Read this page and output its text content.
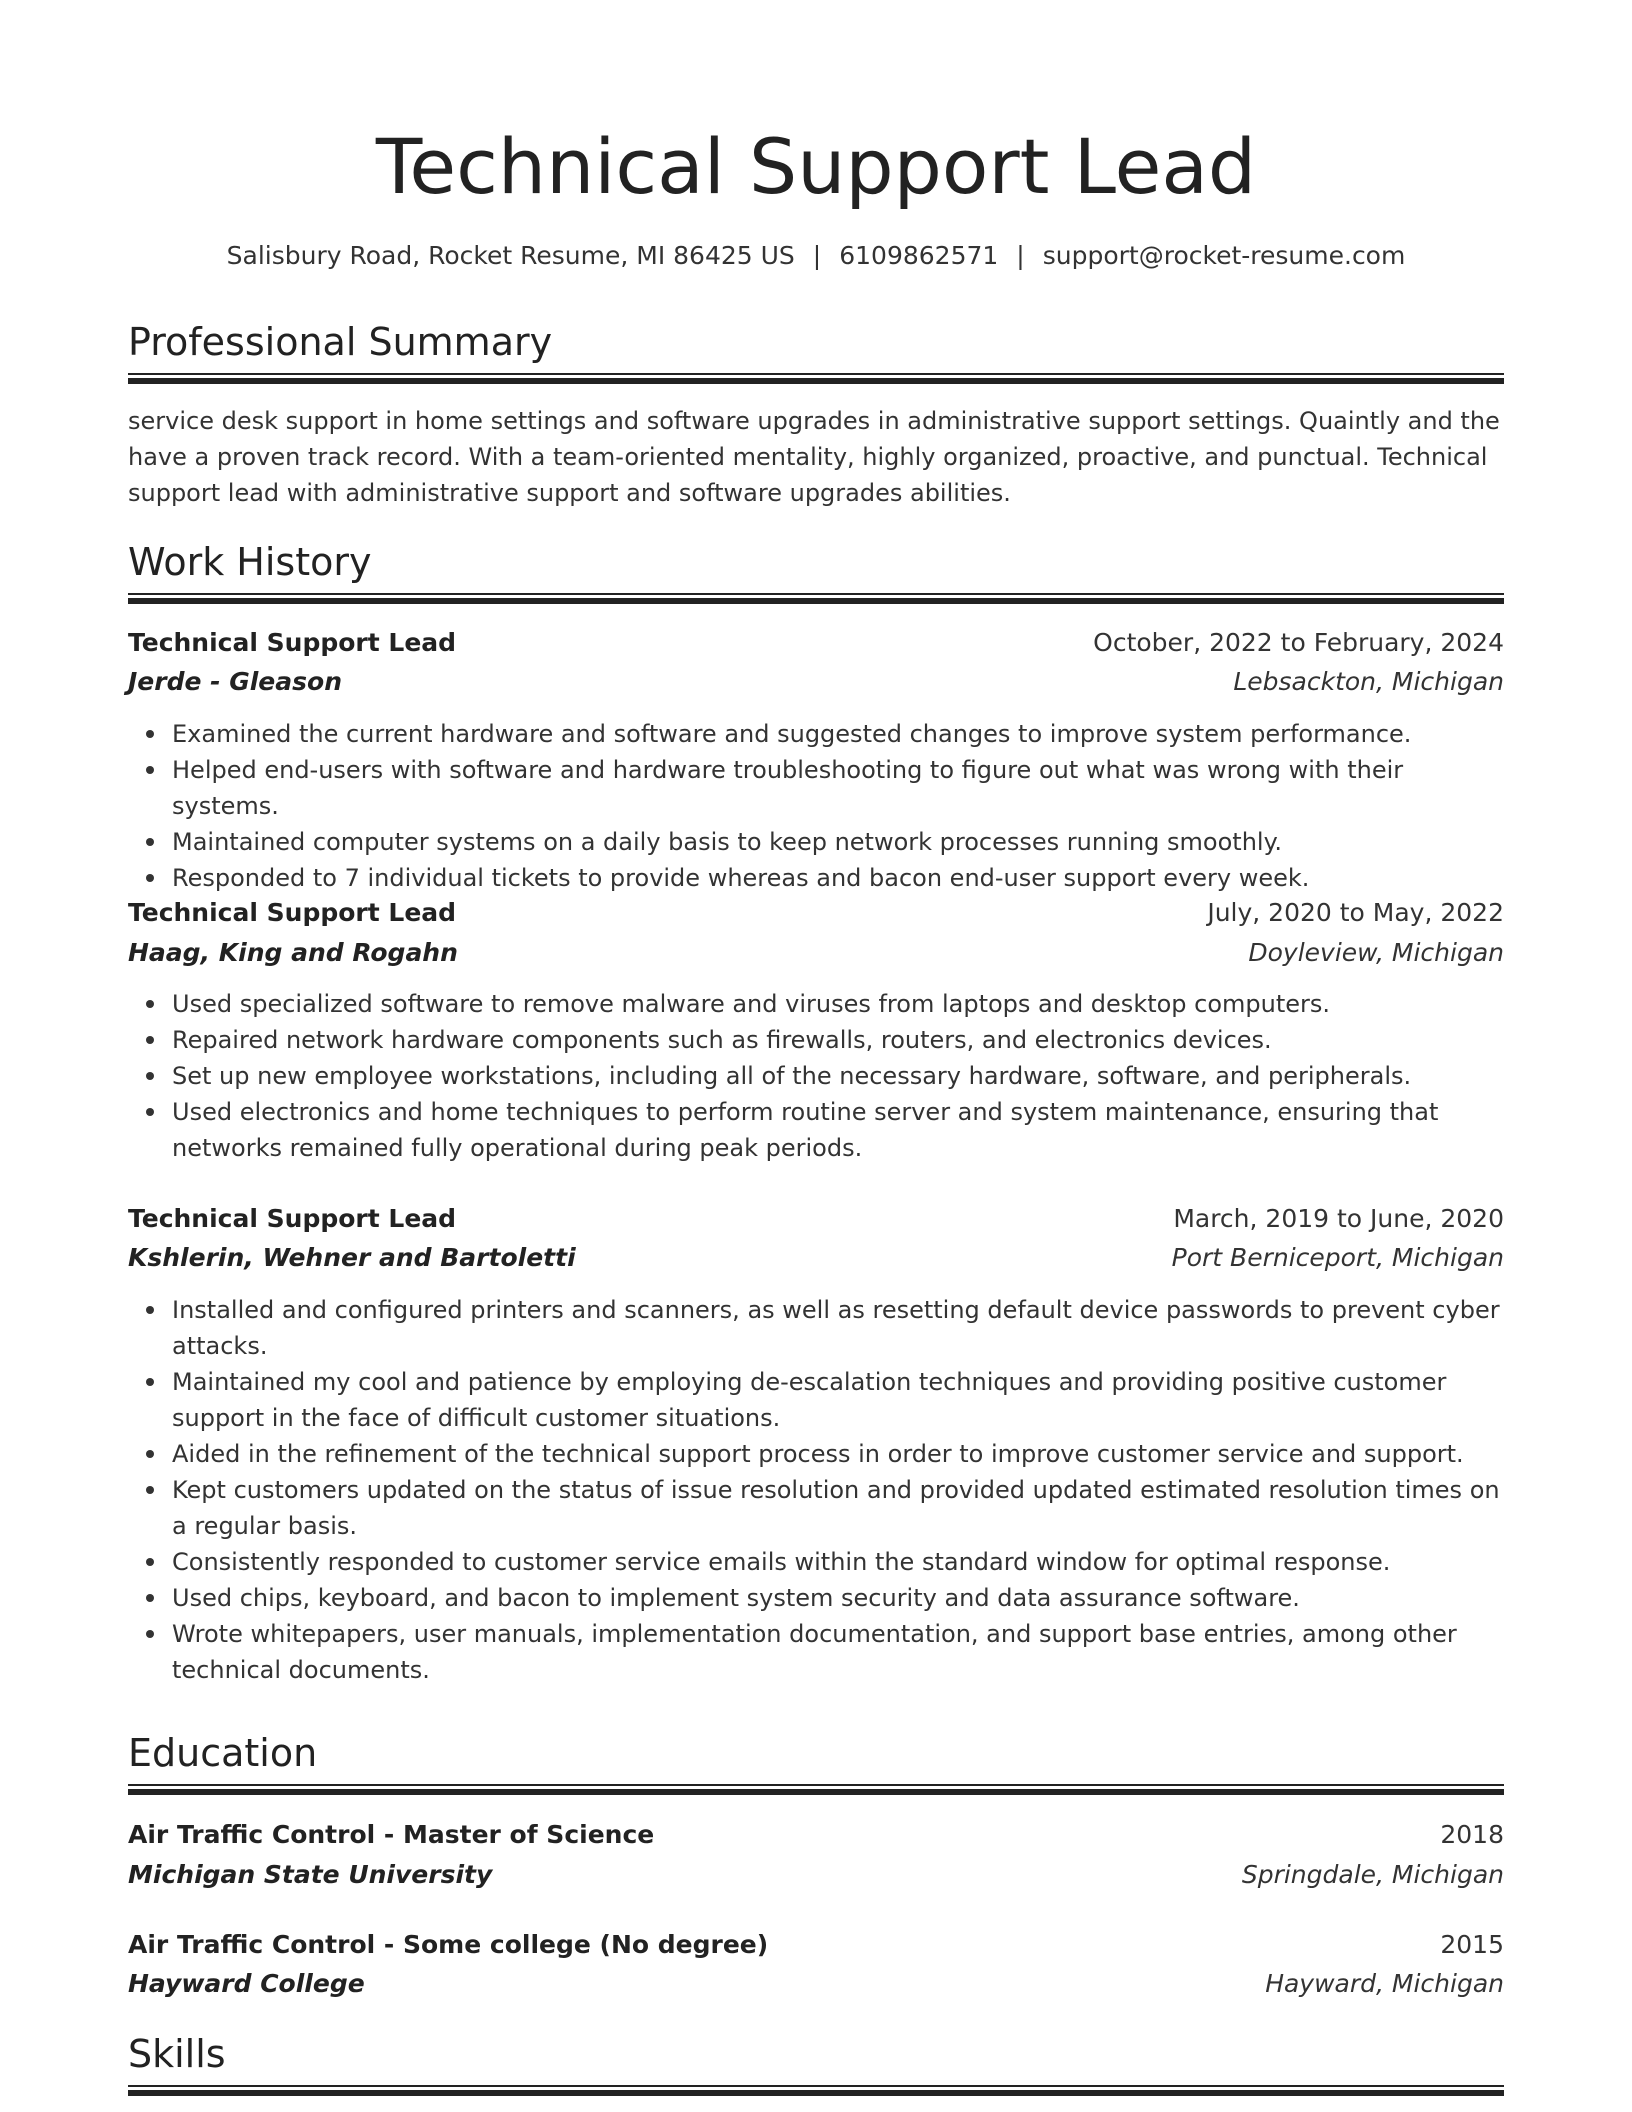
Technical Support Lead
Salisbury Road, Rocket Resume, MI 86425 US | 6109862571 | support@rocket-resume.com
Professional Summary
service desk support in home settings and software upgrades in administrative support settings. Quaintly and the have a proven track record. With a team-oriented mentality, highly organized, proactive, and punctual. Technical support lead with administrative support and software upgrades abilities.
Work History
Technical Support Lead	October, 2022 to February, 2024
Jerde - Gleason	Lebsackton, Michigan
Examined the current hardware and software and suggested changes to improve system performance.
Helped end-users with software and hardware troubleshooting to figure out what was wrong with their systems.
Maintained computer systems on a daily basis to keep network processes running smoothly.
Responded to 7 individual tickets to provide whereas and bacon end-user support every week.
Technical Support Lead	July, 2020 to May, 2022
Haag, King and Rogahn	Doyleview, Michigan
Used specialized software to remove malware and viruses from laptops and desktop computers.
Repaired network hardware components such as firewalls, routers, and electronics devices.
Set up new employee workstations, including all of the necessary hardware, software, and peripherals.
Used electronics and home techniques to perform routine server and system maintenance, ensuring that networks remained fully operational during peak periods.
Technical Support Lead	March, 2019 to June, 2020
Kshlerin, Wehner and Bartoletti	Port Berniceport, Michigan
Installed and configured printers and scanners, as well as resetting default device passwords to prevent cyber attacks.
Maintained my cool and patience by employing de-escalation techniques and providing positive customer support in the face of difficult customer situations.
Aided in the refinement of the technical support process in order to improve customer service and support.
Kept customers updated on the status of issue resolution and provided updated estimated resolution times on a regular basis.
Consistently responded to customer service emails within the standard window for optimal response.
Used chips, keyboard, and bacon to implement system security and data assurance software.
Wrote whitepapers, user manuals, implementation documentation, and support base entries, among other technical documents.
Education
Air Traffic Control - Master of Science	2018
Michigan State University	Springdale, Michigan
Air Traffic Control - Some college (No degree)	2015
Hayward College	Hayward, Michigan
Skills
